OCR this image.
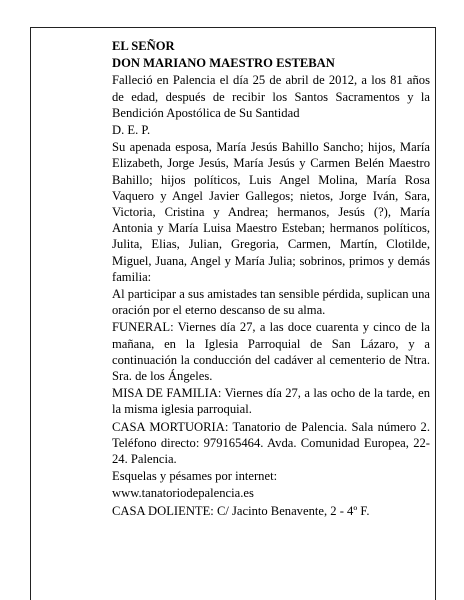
EL SEÑOR

DON MARIANO MAESTRO ESTEBAN

Falleció en Palencia el día 25 de abril de 2012, a los 81 años de edad, después de recibir los Santos Sacramentos y la Bendición Apostólica de Su Santidad

D. E. P.

Su apenada esposa, María Jesús Bahillo Sancho; hijos, María Elizabeth, Jorge Jesús, María Jesús y Carmen Belén Maestro Bahillo; hijos políticos, Luis Angel Molina, María Rosa Vaquero y Angel Javier Gallegos; nietos, Jorge Iván, Sara, Victoria, Cristina y Andrea; hermanos, Jesús (?), María Antonia y María Luisa Maestro Esteban; hermanos políticos, Julita, Elias, Julian, Gregoria, Carmen, Martín, Clotilde, Miguel, Juana, Angel y María Julia; sobrinos, primos y demás familia:

Al participar a sus amistades tan sensible pérdida, suplican una oración por el eterno descanso de su alma.

FUNERAL: Viernes día 27, a las doce cuarenta y cinco de la mañana, en la Iglesia Parroquial de San Lázaro, y a continuación la conducción del cadáver al cementerio de Ntra. Sra. de los Ángeles.

MISA DE FAMILIA: Viernes día 27, a las ocho de la tarde, en la misma iglesia parroquial.

CASA MORTUORIA: Tanatorio de Palencia. Sala número 2. Teléfono directo: 979165464. Avda. Comunidad Europea, 22-24. Palencia.

Esquelas y pésames por internet:

www.tanatoriodepalencia.es

CASA DOLIENTE: C/ Jacinto Benavente, 2 - 4º F.
